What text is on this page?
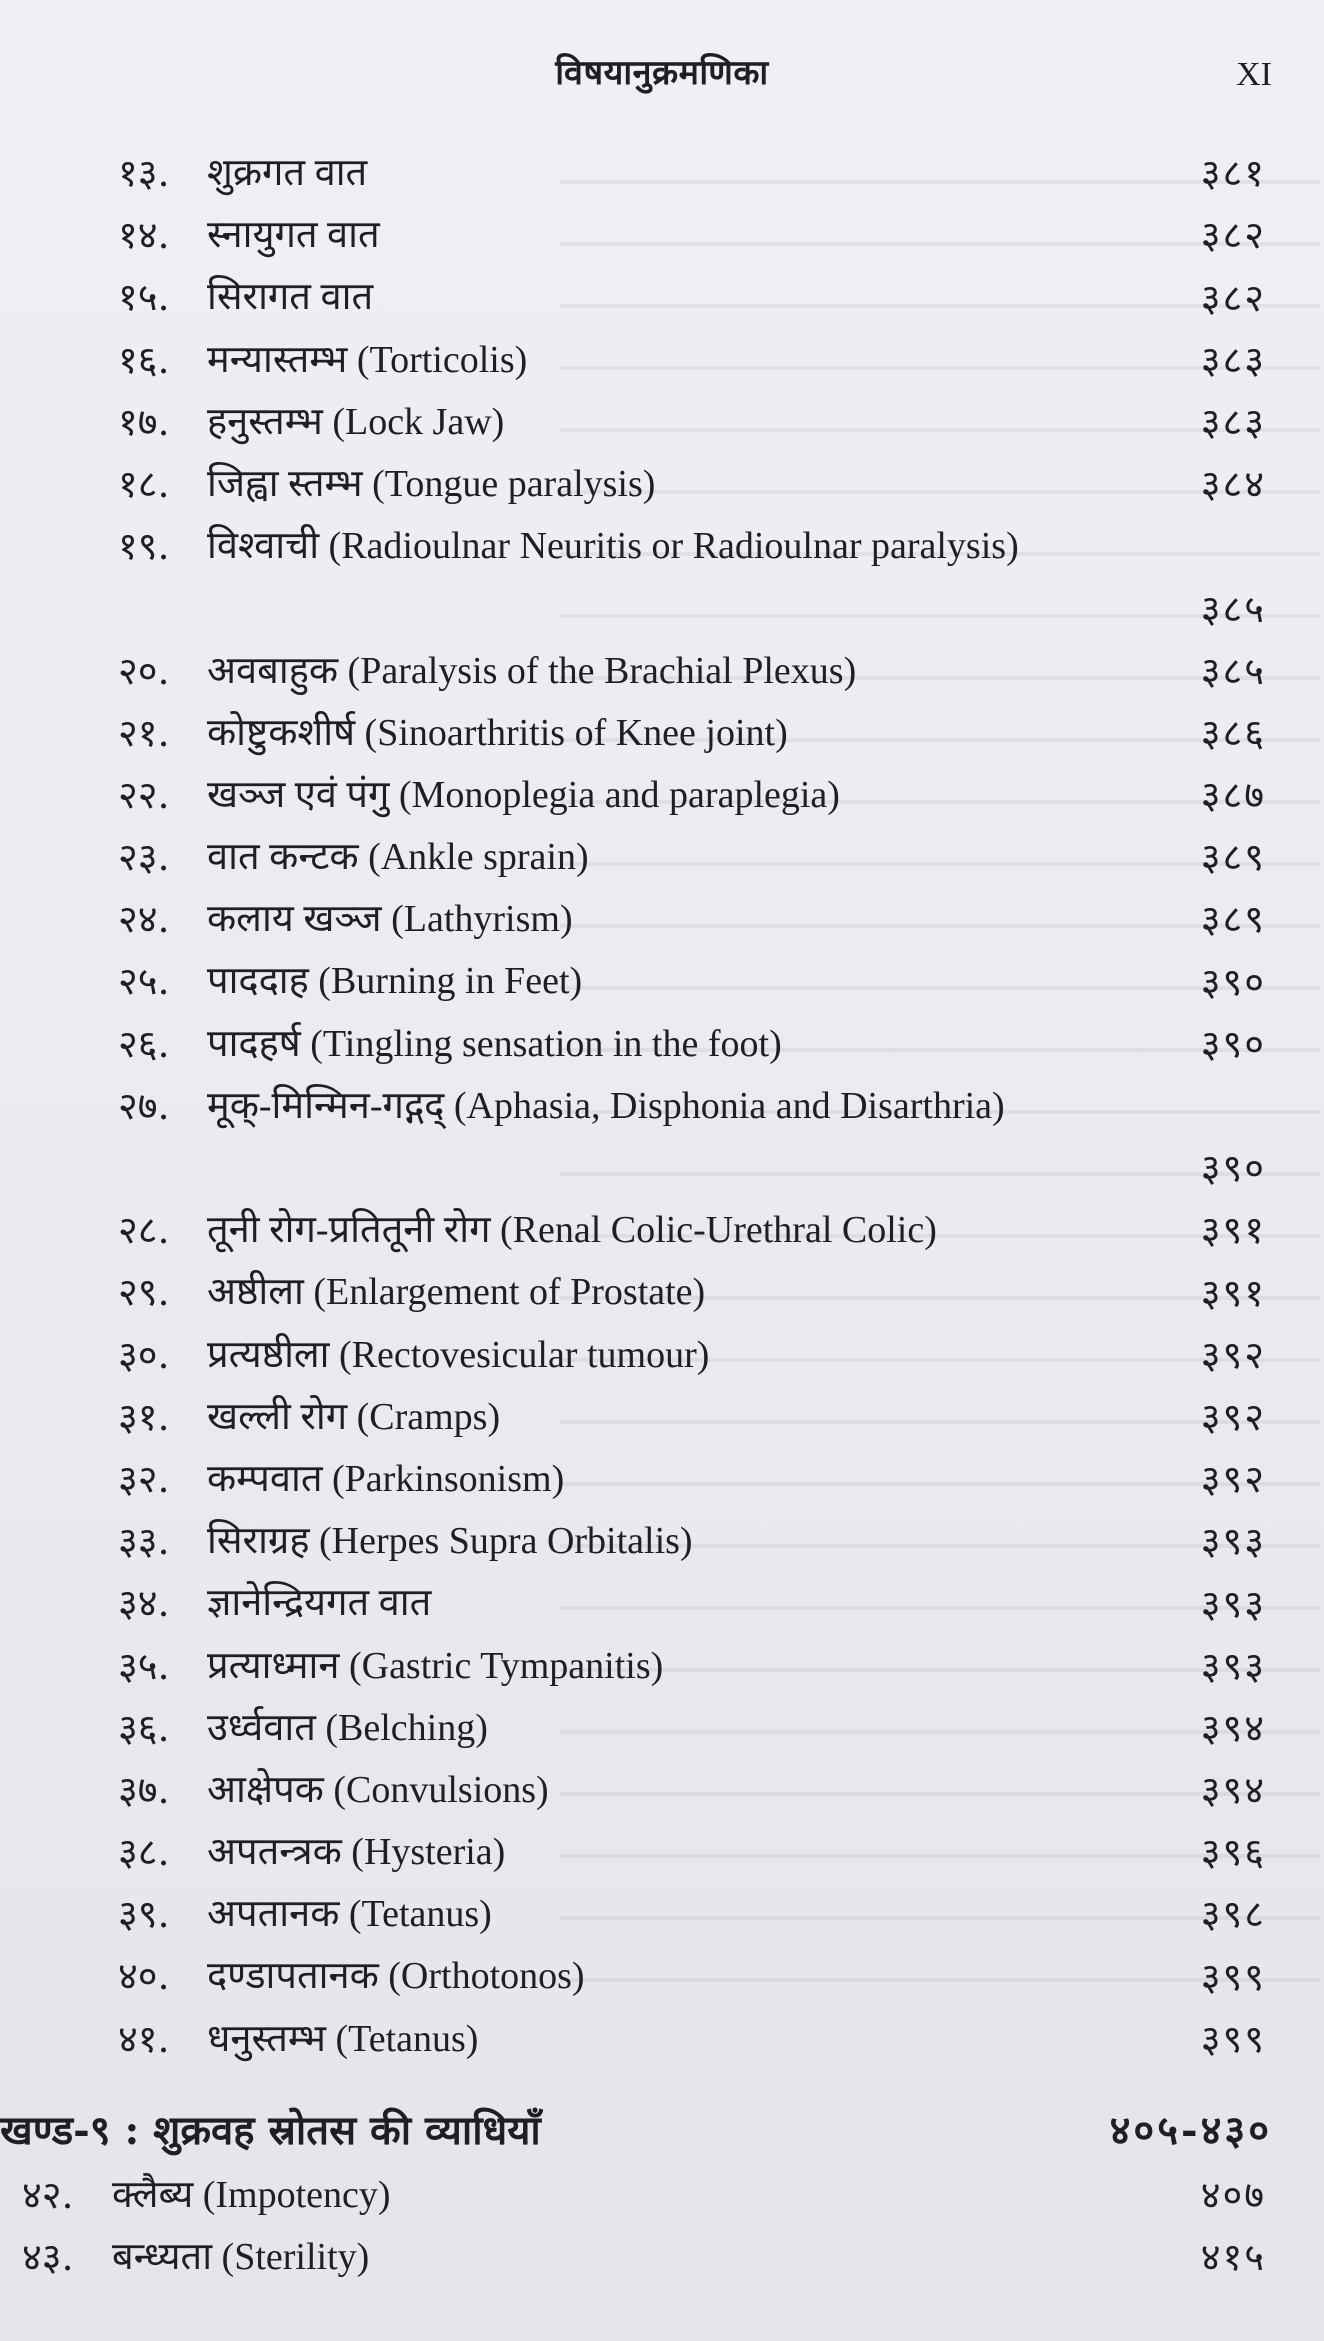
विषयानुक्रमणिका	XI
१३. शुक्रगत वात	३८१
१४. स्नायुगत वात	३८२
१५. सिरागत वात	३८२
१६. मन्यास्तम्भ (Torticolis)	३८३
१७. हनुस्तम्भ (Lock Jaw)	३८३
१८. जिह्वा स्तम्भ (Tongue paralysis)	३८४
१९. विश्वाची (Radioulnar Neuritis or Radioulnar paralysis)
३८५
२०. अवबाहुक (Paralysis of the Brachial Plexus)	३८५
२१. कोष्टुकशीर्ष (Sinoarthritis of Knee joint)	३८६
२२. खञ्ज एवं पंगु (Monoplegia and paraplegia)	३८७
२३. वात कन्टक (Ankle sprain)	३८९
२४. कलाय खञ्ज (Lathyrism)	३८९
२५. पाददाह (Burning in Feet)	३९०
२६. पादहर्ष (Tingling sensation in the foot)	३९०
२७. मूक्-मिन्मिन-गद्गद् (Aphasia, Disphonia and Disarthria)
३९०
२८. तूनी रोग-प्रतितूनी रोग (Renal Colic-Urethral Colic)	३९१
२९. अष्ठीला (Enlargement of Prostate)	३९१
३०. प्रत्यष्ठीला (Rectovesicular tumour)	३९२
३१. खल्ली रोग (Cramps)	३९२
३२. कम्पवात (Parkinsonism)	३९२
३३. सिराग्रह (Herpes Supra Orbitalis)	३९३
३४. ज्ञानेन्द्रियगत वात	३९३
३५. प्रत्याध्मान (Gastric Tympanitis)	३९३
३६. उर्ध्ववात (Belching)	३९४
३७. आक्षेपक (Convulsions)	३९४
३८. अपतन्त्रक (Hysteria)	३९६
३९. अपतानक (Tetanus)	३९८
४०. दण्डापतानक (Orthotonos)	३९९
४१. धनुस्तम्भ (Tetanus)	३९९
खण्ड-९ : शुक्रवह स्रोतस की व्याधियाँ	४०५-४३०
४२. क्लैब्य (Impotency)	४०७
४३. बन्ध्यता (Sterility)	४१५
